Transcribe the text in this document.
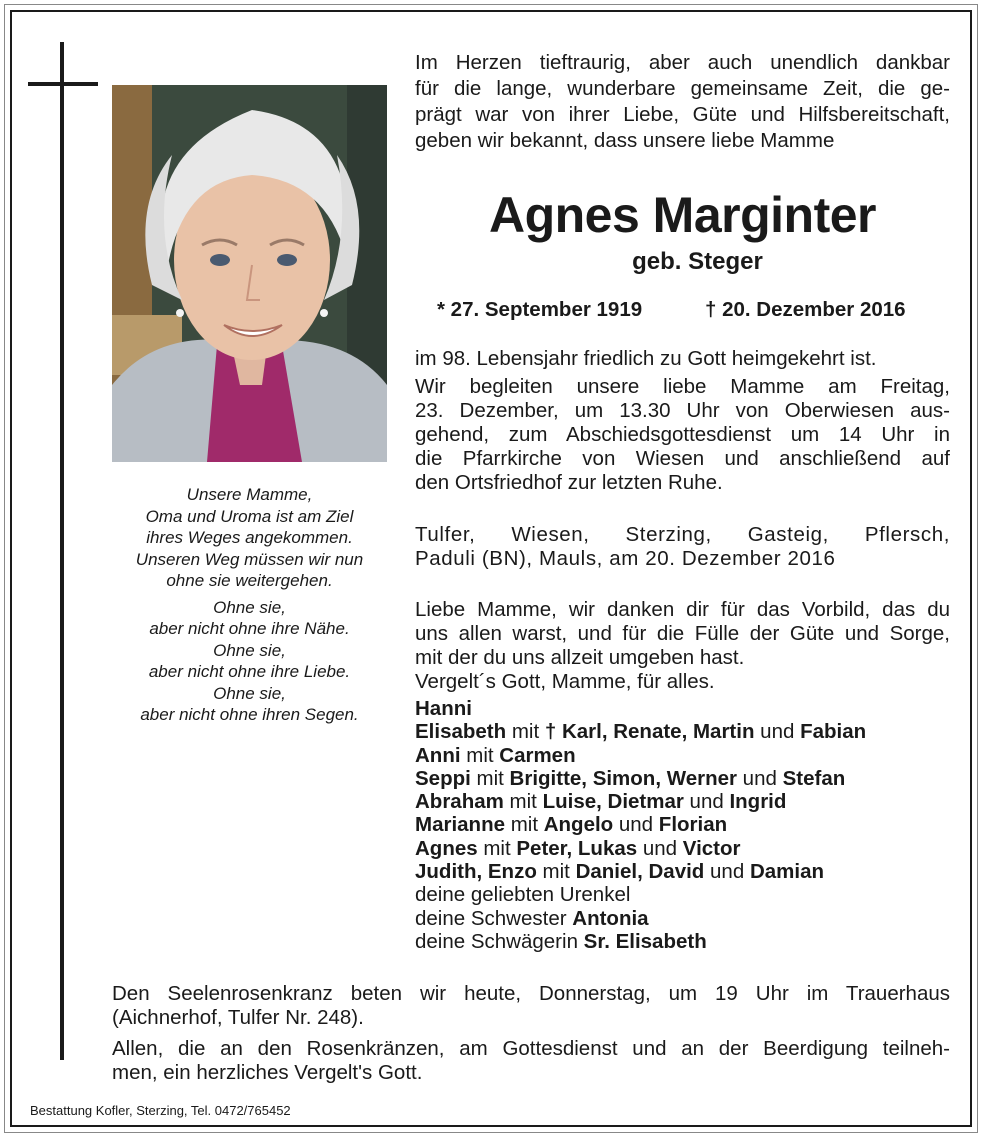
Unsere Mamme,

Oma und Uroma ist am Ziel

ihres Weges angekommen.

Unseren Weg müssen wir nun

ohne sie weitergehen.

Ohne sie,

aber nicht ohne ihre Nähe.

Ohne sie,

aber nicht ohne ihre Liebe.

Ohne sie,

aber nicht ohne ihren Segen.

Im Herzen tieftraurig, aber auch unendlich dankbar

für die lange, wunderbare gemeinsame Zeit, die ge-

prägt war von ihrer Liebe, Güte und Hilfsbereitschaft,

geben wir bekannt, dass unsere liebe Mamme

Agnes Marginter
geb. Steger
* 27. September 1919	† 20. Dezember 2016

im 98. Lebensjahr friedlich zu Gott heimgekehrt ist.

Wir begleiten unsere liebe Mamme am Freitag,

23. Dezember, um 13.30 Uhr von Oberwiesen aus-

gehend, zum Abschiedsgottesdienst um 14 Uhr in

die Pfarrkirche von Wiesen und anschließend auf

den Ortsfriedhof zur letzten Ruhe.

Tulfer, Wiesen, Sterzing, Gasteig, Pflersch,

Paduli (BN), Mauls, am 20. Dezember 2016

Liebe Mamme, wir danken dir für das Vorbild, das du

uns allen warst, und für die Fülle der Güte und Sorge,

mit der du uns allzeit umgeben hast.

Vergelt´s Gott, Mamme, für alles.

Hanni

Elisabeth mit † Karl, Renate, Martin und Fabian

Anni mit Carmen

Seppi mit Brigitte, Simon, Werner und Stefan

Abraham mit Luise, Dietmar und Ingrid

Marianne mit Angelo und Florian

Agnes mit Peter, Lukas und Victor

Judith, Enzo mit Daniel, David und Damian

deine geliebten Urenkel

deine Schwester Antonia

deine Schwägerin Sr. Elisabeth

Den Seelenrosenkranz beten wir heute, Donnerstag, um 19 Uhr im Trauerhaus

(Aichnerhof, Tulfer Nr. 248).

Allen, die an den Rosenkränzen, am Gottesdienst und an der Beerdigung teilneh-

men, ein herzliches Vergelt's Gott.

Bestattung Kofler, Sterzing, Tel. 0472/765452
